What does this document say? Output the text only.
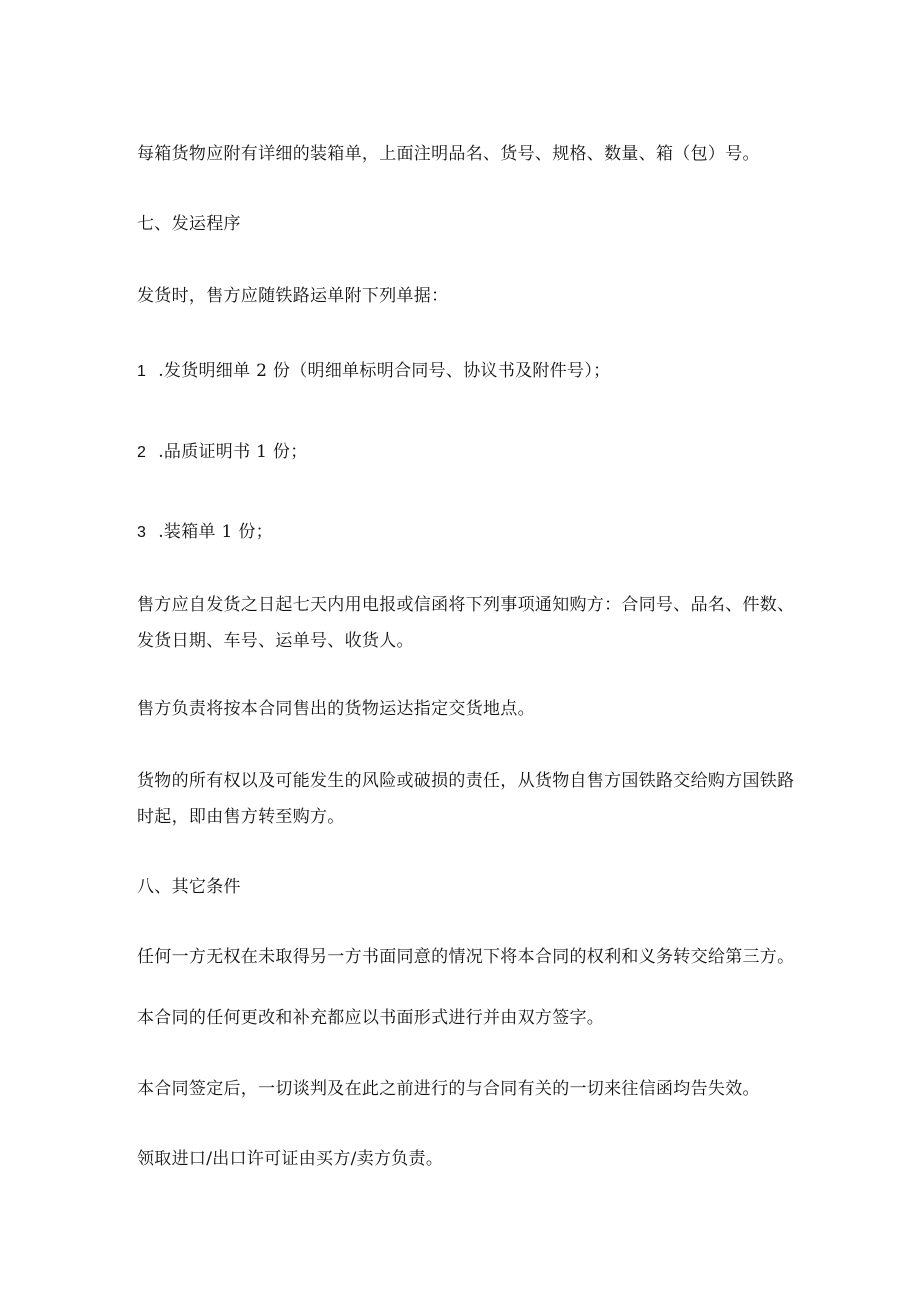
每箱货物应附有详细的装箱单，上面注明品名、货号、规格、数量、箱（包）号。
七、发运程序
发货时，售方应随铁路运单附下列单据：
1 .发货明细单 2 份（明细单标明合同号、协议书及附件号）；
2 .品质证明书 1 份；
3 .装箱单 1 份；
售方应自发货之日起七天内用电报或信函将下列事项通知购方：合同号、品名、件数、
发货日期、车号、运单号、收货人。
售方负责将按本合同售出的货物运达指定交货地点。
货物的所有权以及可能发生的风险或破损的责任，从货物自售方国铁路交给购方国铁路
时起，即由售方转至购方。
八、其它条件
任何一方无权在未取得另一方书面同意的情况下将本合同的权利和义务转交给第三方。
本合同的任何更改和补充都应以书面形式进行并由双方签字。
本合同签定后，一切谈判及在此之前进行的与合同有关的一切来往信函均告失效。
领取进口/出口许可证由买方/卖方负责。
